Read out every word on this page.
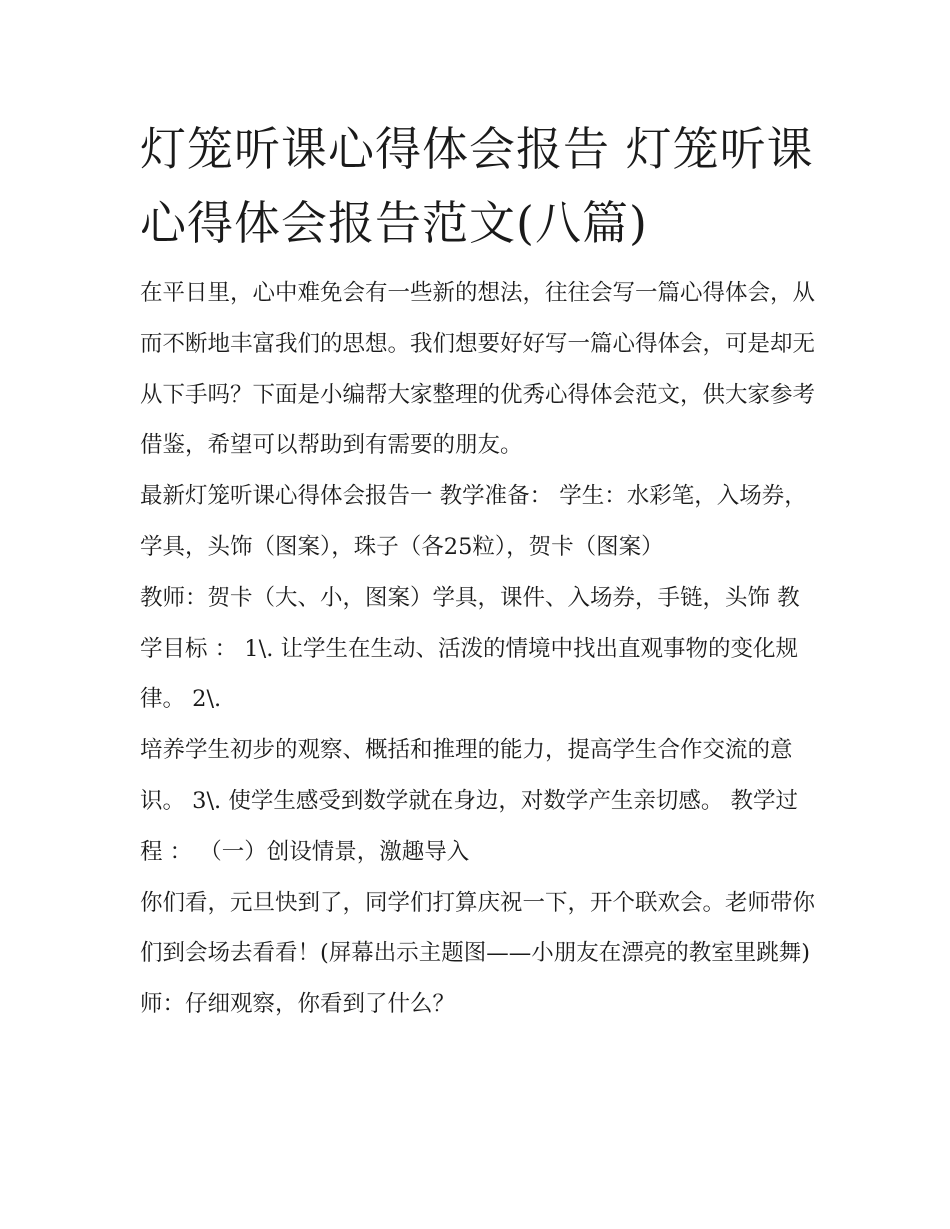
灯笼听课心得体会报告 灯笼听课心得体会报告范文(八篇)

在平日里，心中难免会有一些新的想法，往往会写一篇心得体会，从而不断地丰富我们的思想。我们想要好好写一篇心得体会，可是却无从下手吗？下面是小编帮大家整理的优秀心得体会范文，供大家参考借鉴，希望可以帮助到有需要的朋友。

最新灯笼听课心得体会报告一 教学准备： 学生：水彩笔，入场券，学具，头饰（图案），珠子（各25粒），贺卡（图案）

教师：贺卡（大、小，图案）学具，课件、入场券，手链，头饰 教学目标 ： 1\. 让学生在生动、活泼的情境中找出直观事物的变化规律。 2\.

培养学生初步的观察、概括和推理的能力，提高学生合作交流的意识。 3\. 使学生感受到数学就在身边，对数学产生亲切感。 教学过程 ： （一）创设情景，激趣导入

你们看，元旦快到了，同学们打算庆祝一下，开个联欢会。老师带你们到会场去看看！(屏幕出示主题图——小朋友在漂亮的教室里跳舞) 师：仔细观察，你看到了什么？
